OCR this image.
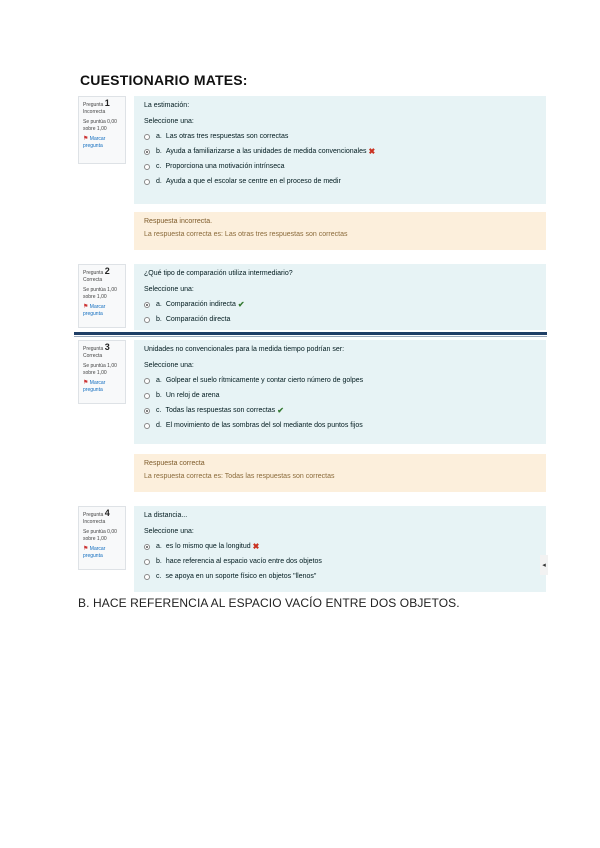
CUESTIONARIO MATES:
Pregunta 1
Incorrecta
Se puntúa 0,00 sobre 1,00
⚑ Marcar pregunta
La estimación:
Seleccione una:
a. Las otras tres respuestas son correctas
b. Ayuda a familiarizarse a las unidades de medida convencionales ✖
c. Proporciona una motivación intrínseca
d. Ayuda a que el escolar se centre en el proceso de medir
Respuesta incorrecta.
La respuesta correcta es: Las otras tres respuestas son correctas
Pregunta 2
Correcta
Se puntúa 1,00 sobre 1,00
⚑ Marcar pregunta
¿Qué tipo de comparación utiliza intermediario?
Seleccione una:
a. Comparación indirecta ✔
b. Comparación directa
Pregunta 3
Correcta
Se puntúa 1,00 sobre 1,00
⚑ Marcar pregunta
Unidades no convencionales para la medida tiempo podrían ser:
Seleccione una:
a. Golpear el suelo rítmicamente y contar cierto número de golpes
b. Un reloj de arena
c. Todas las respuestas son correctas ✔
d. El movimiento de las sombras del sol mediante dos puntos fijos
Respuesta correcta
La respuesta correcta es: Todas las respuestas son correctas
Pregunta 4
Incorrecta
Se puntúa 0,00 sobre 1,00
⚑ Marcar pregunta
La distancia...
Seleccione una:
a. es lo mismo que la longitud ✖
b. hace referencia al espacio vacío entre dos objetos
c. se apoya en un soporte físico en objetos "llenos"
◂

B. HACE REFERENCIA AL ESPACIO VACÍO ENTRE DOS OBJETOS.
